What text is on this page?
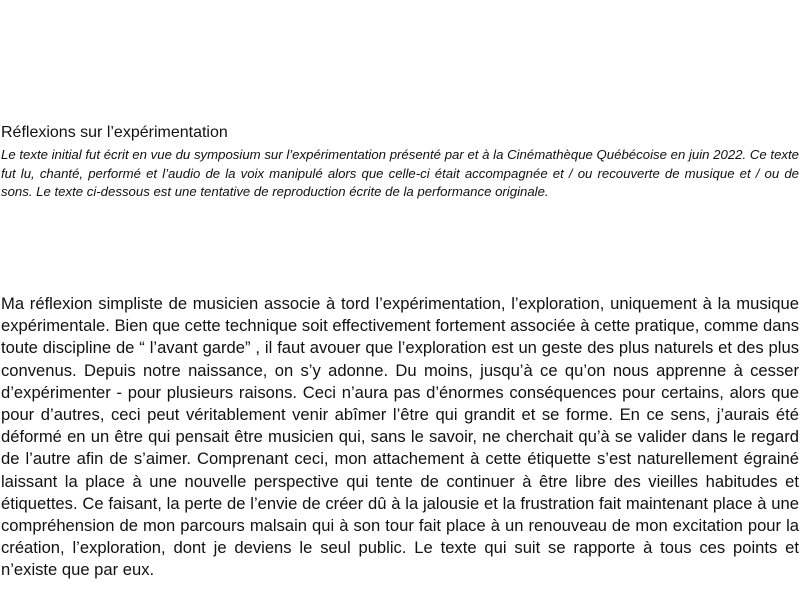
Réflexions sur l’expérimentation

Le texte initial fut écrit en vue du symposium sur l’expérimentation présenté par et à la Cinémathèque Québécoise en juin 2022. Ce texte fut lu, chanté, performé et l’audio de la voix manipulé alors que celle-ci était accompagnée et / ou recouverte de musique et / ou de sons. Le texte ci-dessous est une tentative de reproduction écrite de la performance originale.

Ma réflexion simpliste de musicien associe à tord l’expérimentation, l’exploration, uniquement à la musique expérimentale. Bien que cette technique soit effectivement fortement associée à cette pratique, comme dans toute discipline de “ l’avant garde” , il faut avouer que l’exploration est un geste des plus naturels et des plus convenus. Depuis notre naissance, on s’y adonne. Du moins, jusqu’à ce qu’on nous apprenne à cesser d’expérimenter - pour plusieurs raisons. Ceci n’aura pas d’énormes conséquences pour certains, alors que pour d’autres, ceci peut véritablement venir abîmer l’être qui grandit et se forme. En ce sens, j’aurais été déformé en un être qui pensait être musicien qui, sans le savoir, ne cherchait qu’à se valider dans le regard de l’autre afin de s’aimer. Comprenant ceci, mon attachement à cette étiquette s’est naturellement égrainé laissant la place à une nouvelle perspective qui tente de continuer à être libre des vieilles habitudes et étiquettes. Ce faisant, la perte de l’envie de créer dû à la jalousie et la frustration fait maintenant place à une compréhension de mon parcours malsain qui à son tour fait place à un renouveau de mon excitation pour la création, l’exploration, dont je deviens le seul public. Le texte qui suit se rapporte à tous ces points et n’existe que par eux.
